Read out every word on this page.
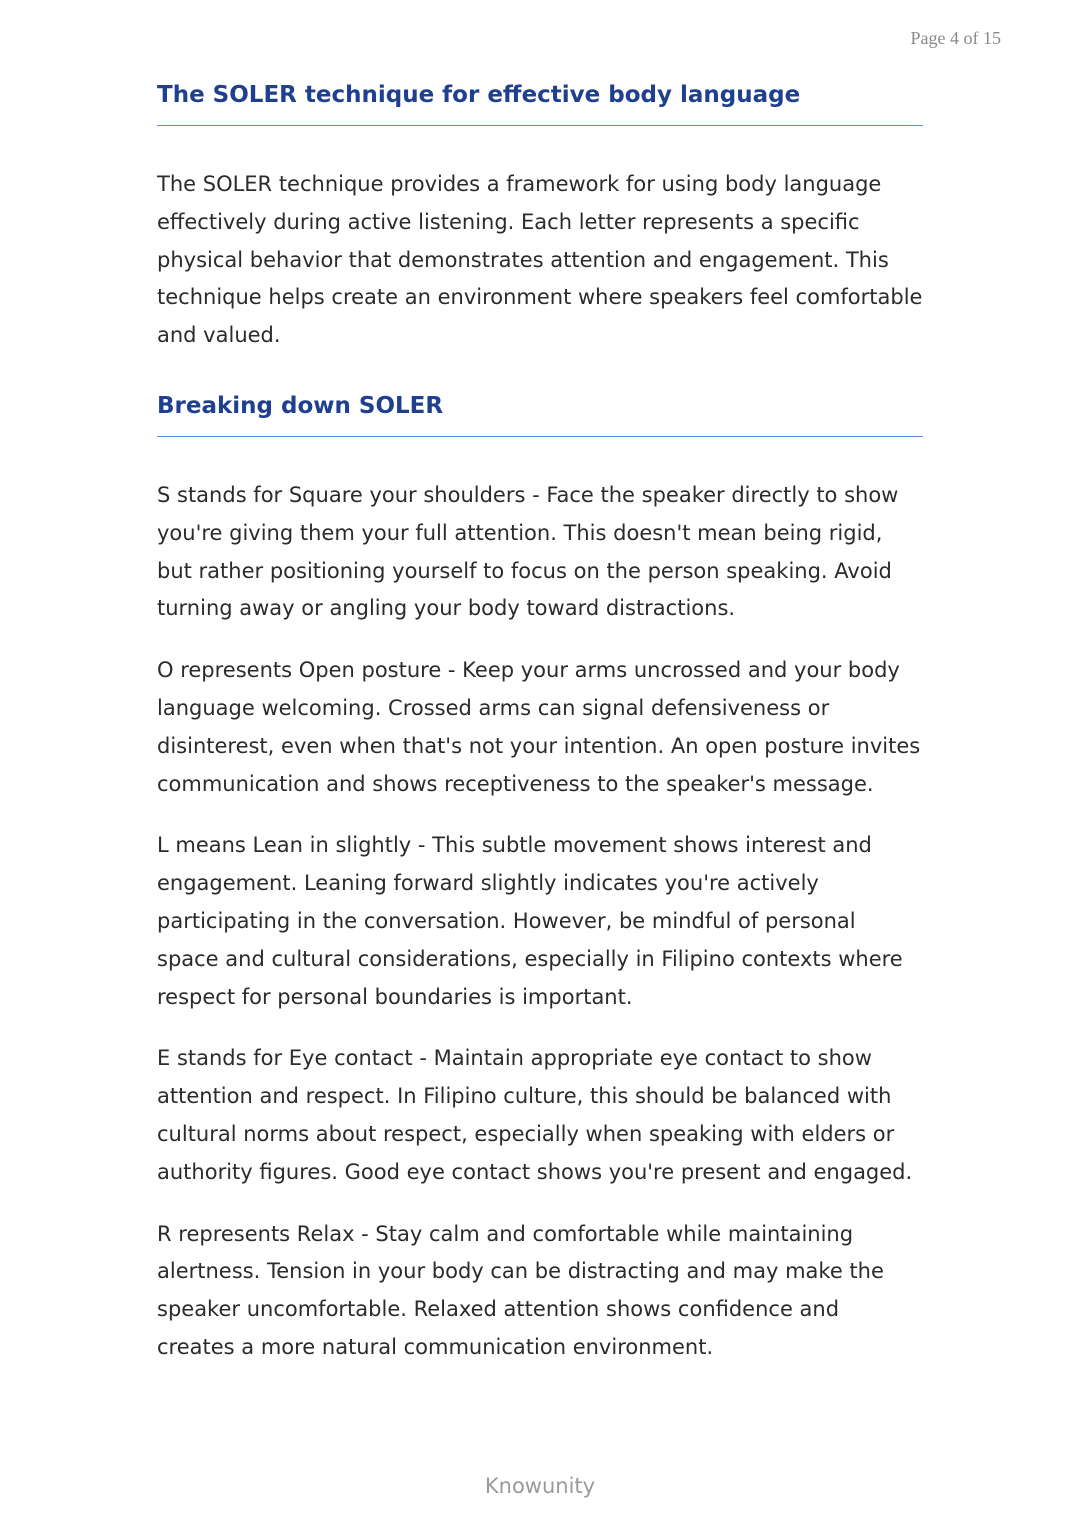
Page 4 of 15
The SOLER technique for effective body language

The SOLER technique provides a framework for using body language effectively during active listening. Each letter represents a specific physical behavior that demonstrates attention and engagement. This technique helps create an environment where speakers feel comfortable and valued.

Breaking down SOLER

S stands for Square your shoulders - Face the speaker directly to show you're giving them your full attention. This doesn't mean being rigid, but rather positioning yourself to focus on the person speaking. Avoid turning away or angling your body toward distractions.

O represents Open posture - Keep your arms uncrossed and your body language welcoming. Crossed arms can signal defensiveness or disinterest, even when that's not your intention. An open posture invites communication and shows receptiveness to the speaker's message.

L means Lean in slightly - This subtle movement shows interest and engagement. Leaning forward slightly indicates you're actively participating in the conversation. However, be mindful of personal space and cultural considerations, especially in Filipino contexts where respect for personal boundaries is important.

E stands for Eye contact - Maintain appropriate eye contact to show attention and respect. In Filipino culture, this should be balanced with cultural norms about respect, especially when speaking with elders or authority figures. Good eye contact shows you're present and engaged.

R represents Relax - Stay calm and comfortable while maintaining alertness. Tension in your body can be distracting and may make the speaker uncomfortable. Relaxed attention shows confidence and creates a more natural communication environment.

Knowunity
